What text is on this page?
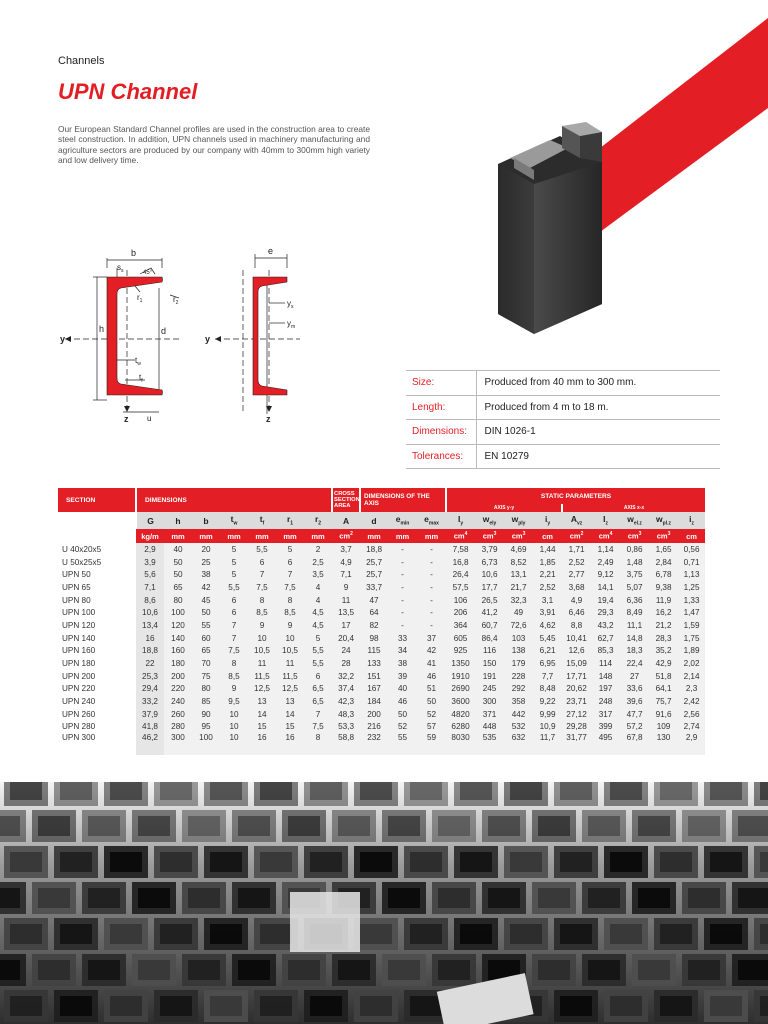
Channels
UPN Channel
Our European Standard Channel profiles are used in the construction area to create steel construction. In addition, UPN channels used in machinery manufacturing and agriculture sectors are produced by our company with 40mm to 300mm high variety and low delivery time.
b
$s_s$	45°
$r_1$	$r_2$
h	d
y
$t_w$
$t_f$
z u
e
$y_s$
$y_m$
y
z
Size:	Produced from 40 mm to 300 mm.
Length:	Produced from 4 m to 18 m.
Dimensions:	DIN 1026-1
Tolerances:	EN 10279
SECTION	DIMENSIONS							CROSS SECTION AREA	DIMENSIONS OF THE AXIS			STATIC PARAMETERS								
												AXIS y-y				AXIS x-x				
	G	h	b	$t_w$	$t_f$	$r_1$	$r_2$	A	d	$e_{min}$	$e_{max}$	$I_y$	$w_{ely}$	$w_{ply}$	$i_y$	$A_{vz}$	$I_z$	$w_{el.z}$	$w_{pl.z}$	$i_z$
	kg/m	mm	mm	mm	mm	mm	mm	$cm^2$	mm	mm	mm	$cm^4$	$cm^3$	$cm^3$	cm	$cm^2$	$cm^4$	$cm^3$	$cm^3$	cm
U 40x20x5	2,9	40	20	5	5,5	5	2	3,7	18,8	-	-	7,58	3,79	4,69	1,44	1,71	1,14	0,86	1,65	0,56
U 50x25x5	3,9	50	25	5	6	6	2,5	4,9	25,7	-	-	16,8	6,73	8,52	1,85	2,52	2,49	1,48	2,84	0,71
UPN 50	5,6	50	38	5	7	7	3,5	7,1	25,7	-	-	26,4	10,6	13,1	2,21	2,77	9,12	3,75	6,78	1,13
UPN 65	7,1	65	42	5,5	7,5	7,5	4	9	33,7	-	-	57,5	17,7	21,7	2,52	3,68	14,1	5,07	9,38	1,25
UPN 80	8,6	80	45	6	8	8	4	11	47	-	-	106	26,5	32,3	3,1	4,9	19,4	6,36	11,9	1,33
UPN 100	10,6	100	50	6	8,5	8,5	4,5	13,5	64	-	-	206	41,2	49	3,91	6,46	29,3	8,49	16,2	1,47
UPN 120	13,4	120	55	7	9	9	4,5	17	82	-	-	364	60,7	72,6	4,62	8,8	43,2	11,1	21,2	1,59
UPN 140	16	140	60	7	10	10	5	20,4	98	33	37	605	86,4	103	5,45	10,41	62,7	14,8	28,3	1,75
UPN 160	18,8	160	65	7,5	10,5	10,5	5,5	24	115	34	42	925	116	138	6,21	12,6	85,3	18,3	35,2	1,89
UPN 180	22	180	70	8	11	11	5,5	28	133	38	41	1350	150	179	6,95	15,09	114	22,4	42,9	2,02
UPN 200	25,3	200	75	8,5	11,5	11,5	6	32,2	151	39	46	1910	191	228	7,7	17,71	148	27	51,8	2,14
UPN 220	29,4	220	80	9	12,5	12,5	6,5	37,4	167	40	51	2690	245	292	8,48	20,62	197	33,6	64,1	2,3
UPN 240	33,2	240	85	9,5	13	13	6,5	42,3	184	46	50	3600	300	358	9,22	23,71	248	39,6	75,7	2,42
UPN 260	37,9	260	90	10	14	14	7	48,3	200	50	52	4820	371	442	9,99	27,12	317	47,7	91,6	2,56
UPN 280	41,8	280	95	10	15	15	7,5	53,3	216	52	57	6280	448	532	10,9	29,28	399	57,2	109	2,74
UPN 300	46,2	300	100	10	16	16	8	58,8	232	55	59	8030	535	632	11,7	31,77	495	67,8	130	2,9
